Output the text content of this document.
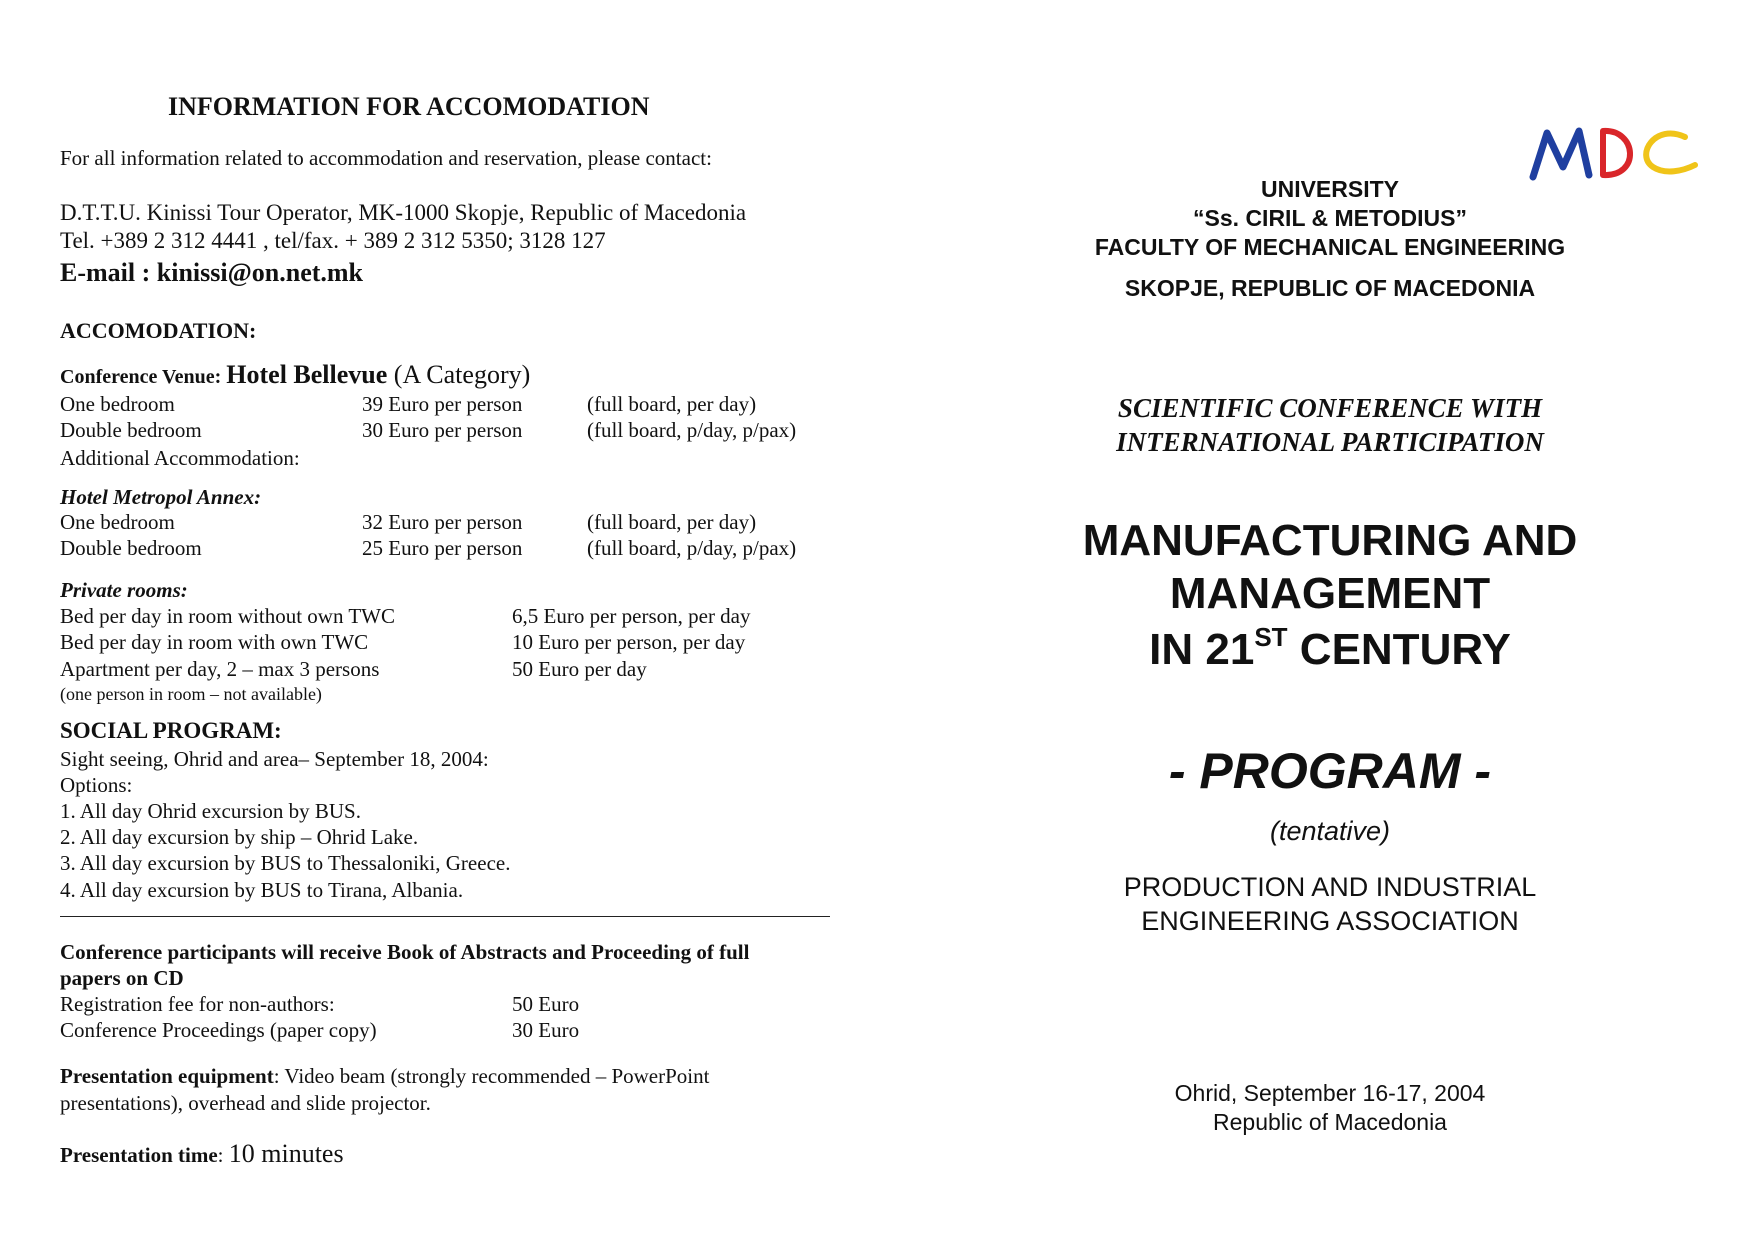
INFORMATION FOR ACCOMODATION
For all information related to accommodation and reservation, please contact:
D.T.T.U. Kinissi Tour Operator, MK-1000 Skopje, Republic of Macedonia
Tel. +389 2 312 4441 , tel/fax. + 389 2 312 5350; 3128 127
E-mail : kinissi@on.net.mk
ACCOMODATION:
Conference Venue: Hotel Bellevue (A Category)
One bedroom	39 Euro per person	(full board, per day)
Double bedroom	30 Euro per person	(full board, p/day, p/pax)
Additional Accommodation:
Hotel Metropol Annex:
One bedroom	32 Euro per person	(full board, per day)
Double bedroom	25 Euro per person	(full board, p/day, p/pax)
Private rooms:
Bed per day in room without own TWC	6,5 Euro per person, per day
Bed per day in room with own TWC	10 Euro per person, per day
Apartment per day, 2 – max 3 persons	50 Euro per day
(one person in room – not available)
SOCIAL PROGRAM:
Sight seeing, Ohrid and area– September 18, 2004:
Options:
1. All day Ohrid excursion by BUS.
2. All day excursion by ship – Ohrid Lake.
3. All day excursion by BUS to Thessaloniki, Greece.
4. All day excursion by BUS to Tirana, Albania.
Conference participants will receive Book of Abstracts and Proceeding of full
papers on CD
Registration fee for non-authors:	50 Euro
Conference Proceedings (paper copy)	30 Euro
Presentation equipment: Video beam (strongly recommended – PowerPoint
presentations), overhead and slide projector.
Presentation time: 10 minutes
UNIVERSITY
“Ss. CIRIL & METODIUS”
FACULTY OF MECHANICAL ENGINEERING
SKOPJE, REPUBLIC OF MACEDONIA
SCIENTIFIC CONFERENCE WITH
INTERNATIONAL PARTICIPATION
MANUFACTURING AND
MANAGEMENT
IN 21ST CENTURY
- PROGRAM -
(tentative)
PRODUCTION AND INDUSTRIAL
ENGINEERING ASSOCIATION
Ohrid, September 16-17, 2004
Republic of Macedonia
